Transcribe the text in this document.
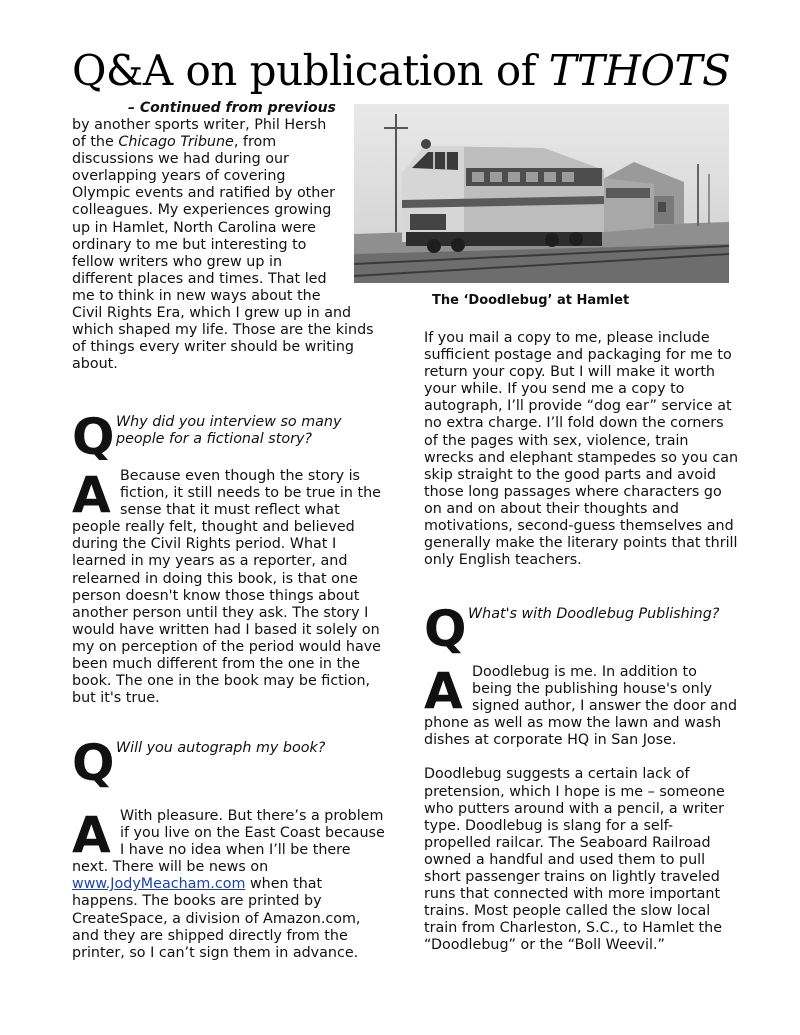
Q&A on publication of TTHOTS
– Continued from previous
by another sports writer, Phil Hersh of the Chicago Tribune, from discussions we had during our overlapping years of covering Olympic events and ratified by other colleagues. My experiences growing up in Hamlet, North Carolina were ordinary to me but interesting to fellow writers who grew up in different places and times. That led me to think in new ways about the
Civil Rights Era, which I grew up in and which shaped my life. Those are the kinds of things every writer should be writing about.
Q Why did you interview so many people for a fictional story?

A Because even though the story is fiction, it still needs to be true in the sense that it must reflect what people really felt, thought and believed during the Civil Rights period. What I learned in my years as a reporter, and relearned in doing this book, is that one person doesn't know those things about another person until they ask. The story I would have written had I based it solely on my on perception of the period would have been much different from the one in the book. The one in the book may be fiction, but it's true.

Q Will you autograph my book?

A With pleasure. But there’s a problem if you live on the East Coast because I have no idea when I’ll be there next. There will be news on www.JodyMeacham.com when that happens. The books are printed by CreateSpace, a division of Amazon.com, and they are shipped directly from the printer, so I can’t sign them in advance.

The ‘Doodlebug’ at Hamlet

If you mail a copy to me, please include sufficient postage and packaging for me to return your copy. But I will make it worth your while. If you send me a copy to autograph, I’ll provide “dog ear” service at no extra charge. I’ll fold down the corners of the pages with sex, violence, train wrecks and elephant stampedes so you can skip straight to the good parts and avoid those long passages where characters go on and on about their thoughts and motivations, second-guess themselves and generally make the literary points that thrill only English teachers.

Q What's with Doodlebug Publishing?

A Doodlebug is me. In addition to being the publishing house's only signed author, I answer the door and phone as well as mow the lawn and wash dishes at corporate HQ in San Jose.

Doodlebug suggests a certain lack of pretension, which I hope is me – someone who putters around with a pencil, a writer type. Doodlebug is slang for a self-propelled railcar. The Seaboard Railroad owned a handful and used them to pull short passenger trains on lightly traveled runs that connected with more important trains. Most people called the slow local train from Charleston, S.C., to Hamlet the “Doodlebug” or the “Boll Weevil.”
